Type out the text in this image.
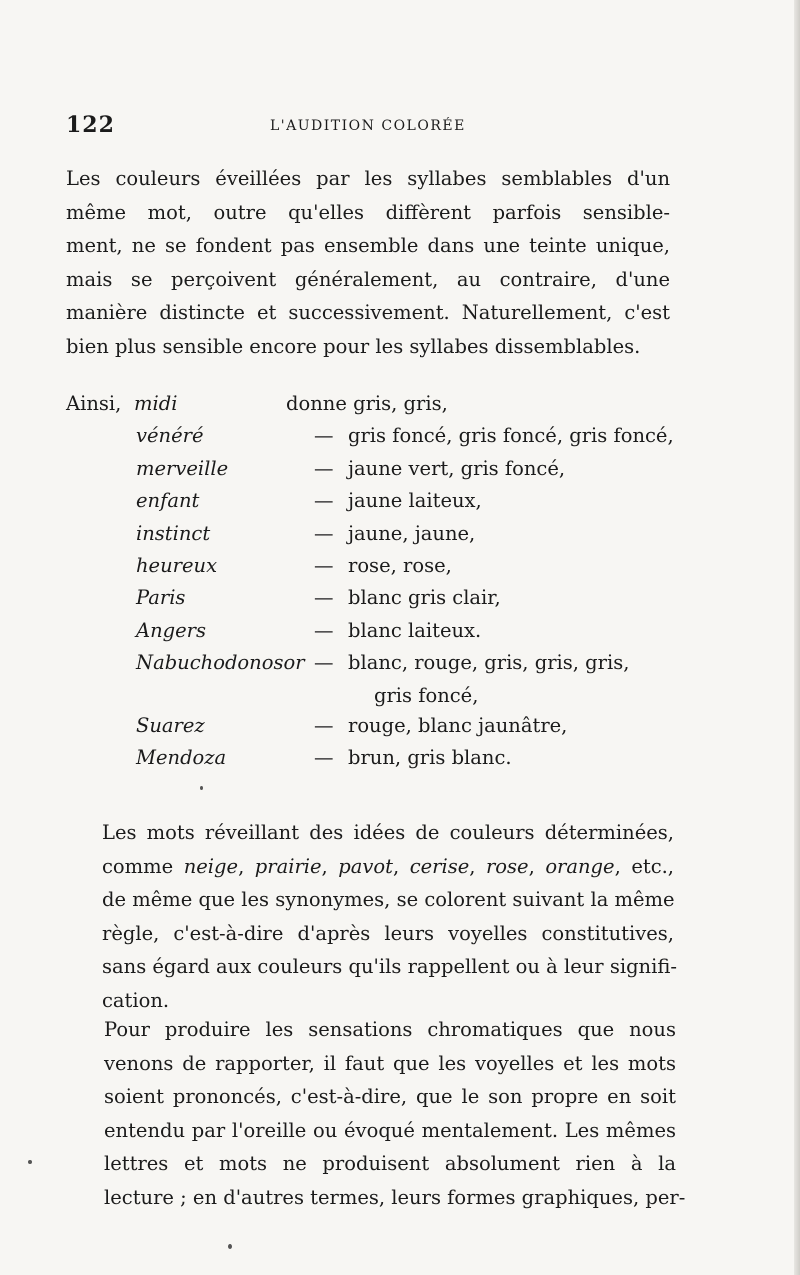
122	L'AUDITION COLORÉE

Les couleurs éveillées par les syllabes semblables d'un
même mot, outre qu'elles diffèrent parfois sensible-
ment, ne se fondent pas ensemble dans une teinte unique,
mais se perçoivent généralement, au contraire, d'une
manière distincte et successivement. Naturellement, c'est
bien plus sensible encore pour les syllabes dissemblables.

Ainsi, midi	donne gris, gris,
vénéré	— gris foncé, gris foncé, gris foncé,
merveille	— jaune vert, gris foncé,
enfant	— jaune laiteux,
instinct	— jaune, jaune,
heureux	— rose, rose,
Paris	— blanc gris clair,
Angers	— blanc laiteux.
Nabuchodonosor — blanc, rouge, gris, gris, gris,
gris foncé,
Suarez	— rouge, blanc jaunâtre,
Mendoza	— brun, gris blanc.

Les mots réveillant des idées de couleurs déterminées,
comme neige, prairie, pavot, cerise, rose, orange, etc.,
de même que les synonymes, se colorent suivant la même
règle, c'est-à-dire d'après leurs voyelles constitutives,
sans égard aux couleurs qu'ils rappellent ou à leur signifi-
cation.

Pour produire les sensations chromatiques que nous
venons de rapporter, il faut que les voyelles et les mots
soient prononcés, c'est-à-dire, que le son propre en soit
entendu par l'oreille ou évoqué mentalement. Les mêmes
lettres et mots ne produisent absolument rien à la
lecture ; en d'autres termes, leurs formes graphiques, per-
